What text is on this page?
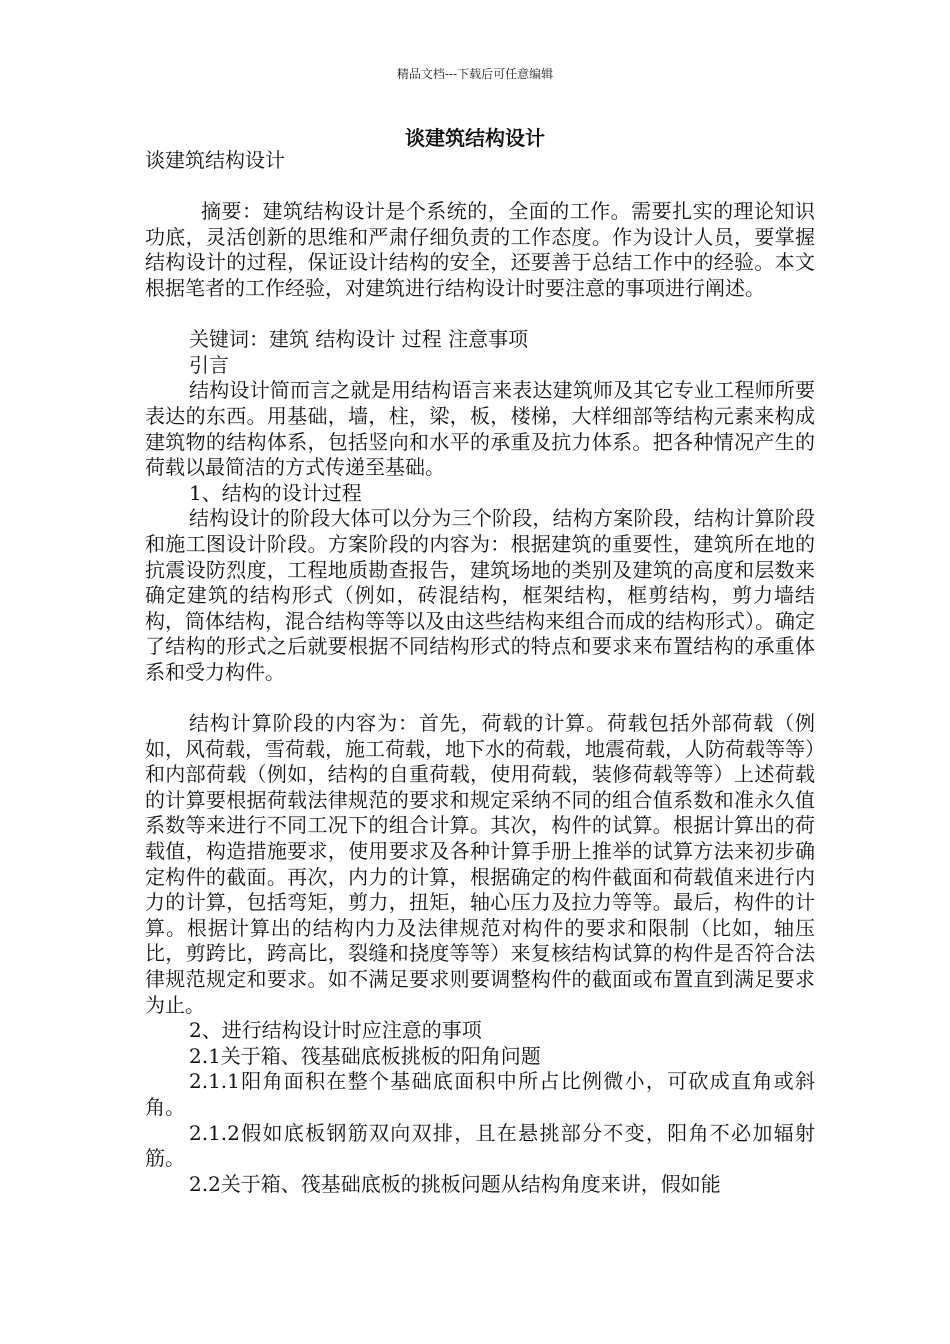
精品文档---下载后可任意编辑
谈建筑结构设计

谈建筑结构设计

摘要：建筑结构设计是个系统的，全面的工作。需要扎实的理论知识功底，灵活创新的思维和严肃仔细负责的工作态度。作为设计人员，要掌握结构设计的过程，保证设计结构的安全，还要善于总结工作中的经验。本文根据笔者的工作经验，对建筑进行结构设计时要注意的事项进行阐述。

关键词：建筑 结构设计 过程 注意事项

引言

结构设计简而言之就是用结构语言来表达建筑师及其它专业工程师所要表达的东西。用基础，墙，柱，梁，板，楼梯，大样细部等结构元素来构成建筑物的结构体系，包括竖向和水平的承重及抗力体系。把各种情况产生的荷载以最简洁的方式传递至基础。

1、结构的设计过程

结构设计的阶段大体可以分为三个阶段，结构方案阶段，结构计算阶段和施工图设计阶段。方案阶段的内容为：根据建筑的重要性，建筑所在地的抗震设防烈度，工程地质勘查报告，建筑场地的类别及建筑的高度和层数来确定建筑的结构形式（例如，砖混结构，框架结构，框剪结构，剪力墙结构，筒体结构，混合结构等等以及由这些结构来组合而成的结构形式）。确定了结构的形式之后就要根据不同结构形式的特点和要求来布置结构的承重体系和受力构件。

结构计算阶段的内容为：首先，荷载的计算。荷载包括外部荷载（例如，风荷载，雪荷载，施工荷载，地下水的荷载，地震荷载，人防荷载等等）和内部荷载（例如，结构的自重荷载，使用荷载，装修荷载等等）上述荷载的计算要根据荷载法律规范的要求和规定采纳不同的组合值系数和准永久值系数等来进行不同工况下的组合计算。其次，构件的试算。根据计算出的荷载值，构造措施要求，使用要求及各种计算手册上推举的试算方法来初步确定构件的截面。再次，内力的计算，根据确定的构件截面和荷载值来进行内力的计算，包括弯矩，剪力，扭矩，轴心压力及拉力等等。最后，构件的计算。根据计算出的结构内力及法律规范对构件的要求和限制（比如，轴压比，剪跨比，跨高比，裂缝和挠度等等）来复核结构试算的构件是否符合法律规范规定和要求。如不满足要求则要调整构件的截面或布置直到满足要求为止。

2、进行结构设计时应注意的事项

2.1关于箱、筏基础底板挑板的阳角问题

2.1.1阳角面积在整个基础底面积中所占比例微小，可砍成直角或斜角。

2.1.2假如底板钢筋双向双排，且在悬挑部分不变，阳角不必加辐射筋。

2.2关于箱、筏基础底板的挑板问题从结构角度来讲，假如能
